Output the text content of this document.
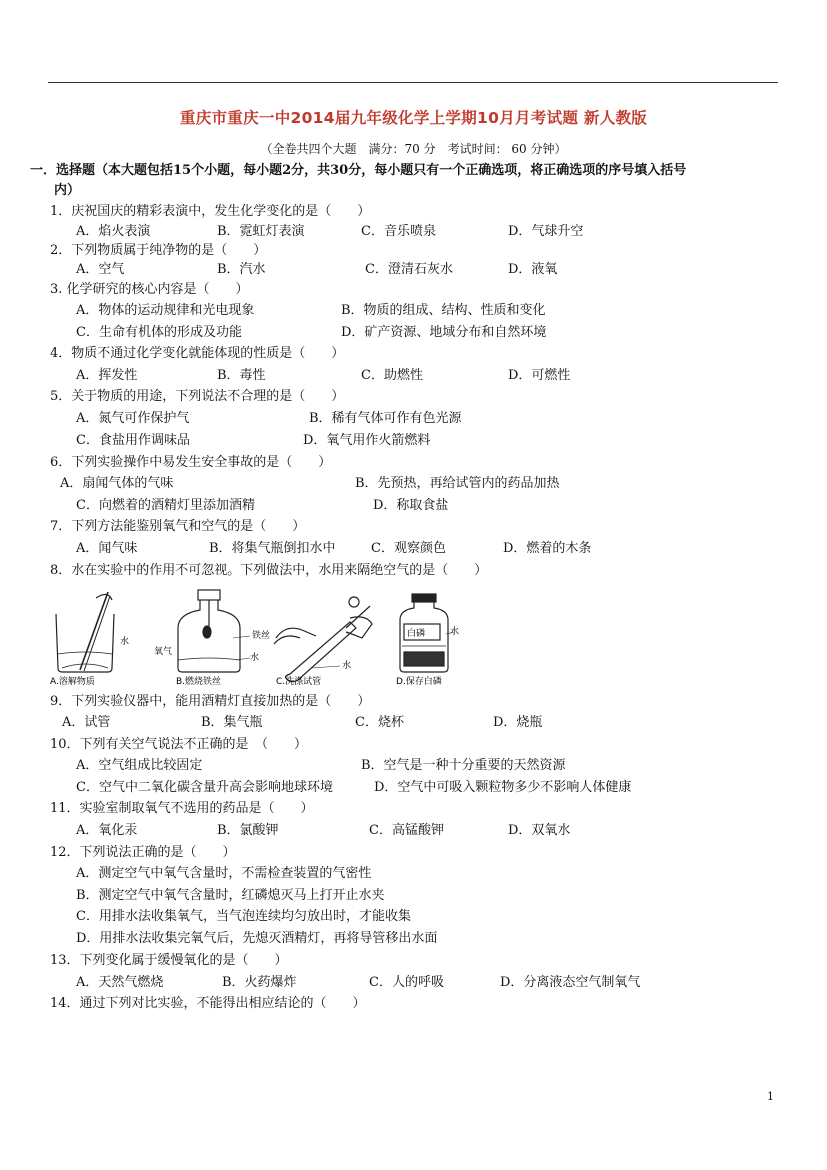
重庆市重庆一中2014届九年级化学上学期10月月考试题 新人教版
（全卷共四个大题　满分：70 分　考试时间： 60 分钟）
一．选择题（本大题包括15个小题，每小题2分，共30分，每小题只有一个正确选项，将正确选项的序号填入括号
内）
1．庆祝国庆的精彩表演中，发生化学变化的是（　　）
A．焰火表演	B．霓虹灯表演	C．音乐喷泉	D．气球升空
2．下列物质属于纯净物的是（　　）
A．空气	B．汽水	C．澄清石灰水	D．液氧
3. 化学研究的核心内容是（　　）
A．物体的运动规律和光电现象	B．物质的组成、结构、性质和变化
C．生命有机体的形成及功能	D．矿产资源、地域分布和自然环境
4．物质不通过化学变化就能体现的性质是（　　）
A．挥发性	B．毒性	C．助燃性	D．可燃性
5．关于物质的用途，下列说法不合理的是（　　）
A．氮气可作保护气	B．稀有气体可作有色光源
C．食盐用作调味品	D．氧气用作火箭燃料
6．下列实验操作中易发生安全事故的是（　　）
A．扇闻气体的气味	B．先预热，再给试管内的药品加热
C．向燃着的酒精灯里添加酒精	D．称取食盐
7．下列方法能鉴别氧气和空气的是（　　）
A．闻气味	B．将集气瓶倒扣水中	C．观察颜色	D．燃着的木条
8．水在实验中的作用不可忽视。下列做法中，水用来隔绝空气的是（　　）
水
A.溶解物质
铁丝
水
氧气
B.燃烧铁丝
水
C.洗涤试管
白磷	水
D.保存白磷
9．下列实验仪器中，能用酒精灯直接加热的是（　　）
A．试管	B．集气瓶	C．烧杯	D．烧瓶
10．下列有关空气说法不正确的是　（　　）
A．空气组成比较固定	B．空气是一种十分重要的天然资源
C．空气中二氧化碳含量升高会影响地球环境	D．空气中可吸入颗粒物多少不影响人体健康
11．实验室制取氧气不选用的药品是（　　）
A．氧化汞	B．氯酸钾	C．高锰酸钾	D．双氧水
12．下列说法正确的是（　　）
A．测定空气中氧气含量时，不需检查装置的气密性
B．测定空气中氧气含量时，红磷熄灭马上打开止水夹
C．用排水法收集氧气，当气泡连续均匀放出时，才能收集
D．用排水法收集完氧气后，先熄灭酒精灯，再将导管移出水面
13．下列变化属于缓慢氧化的是（　　）
A．天然气燃烧	B．火药爆炸	C．人的呼吸	D．分离液态空气制氧气
14．通过下列对比实验，不能得出相应结论的（　　）
1
